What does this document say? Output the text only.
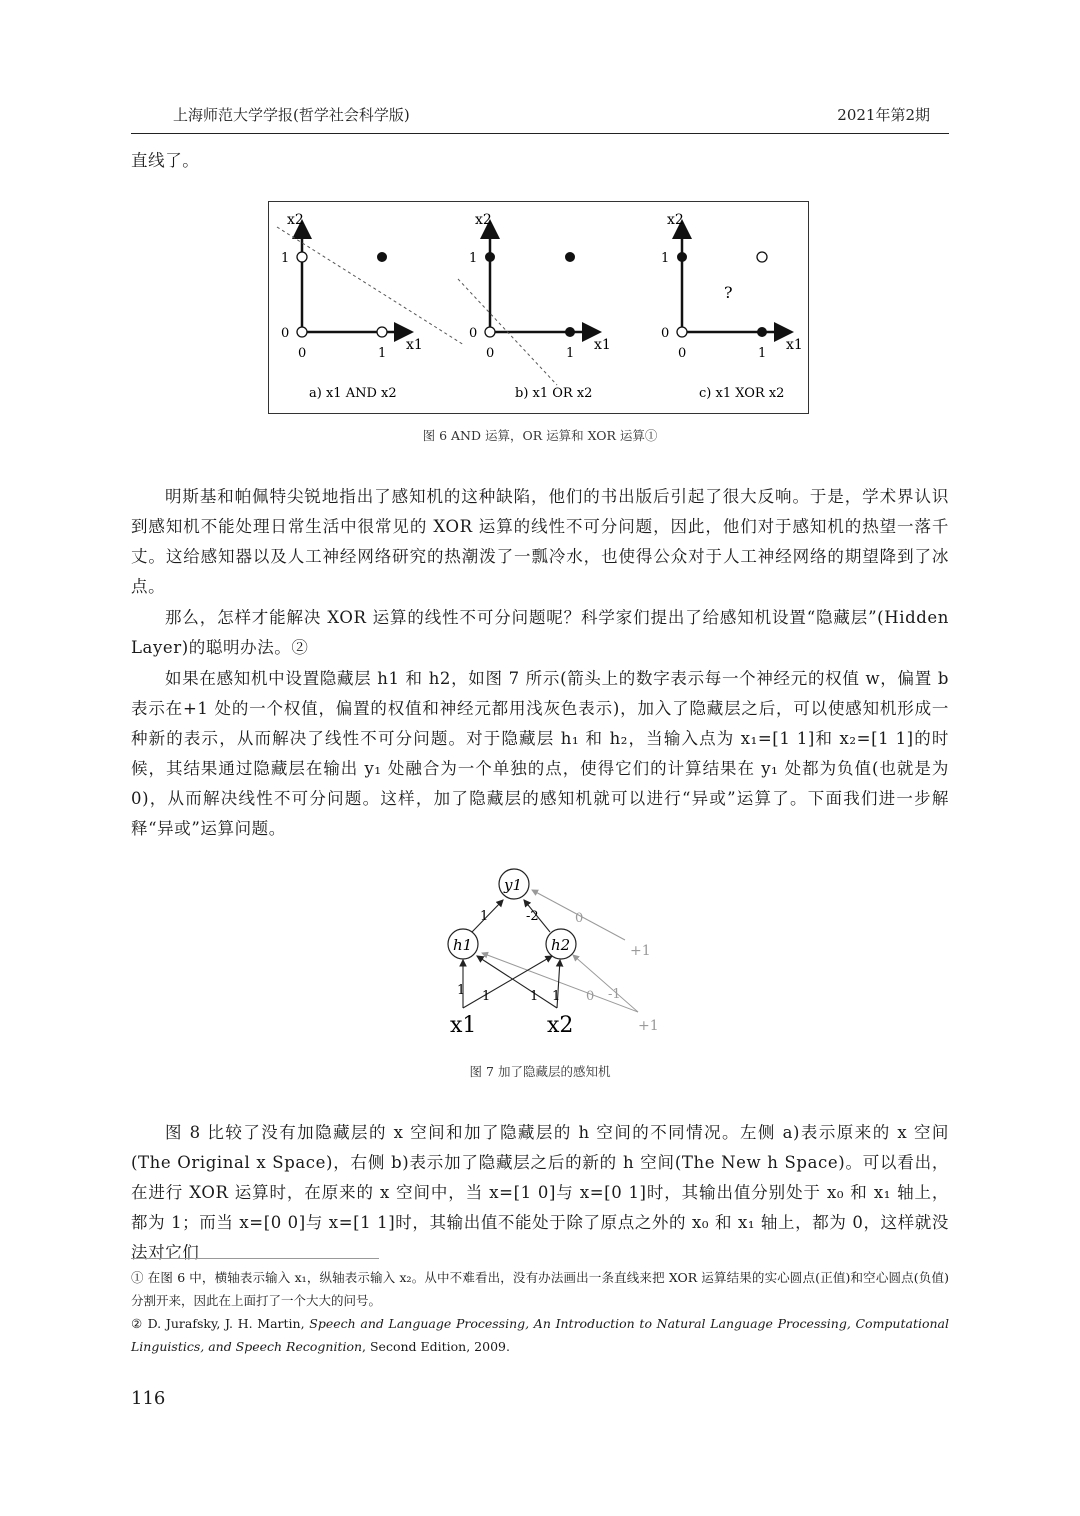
上海师范大学学报(哲学社会科学版)	2021年第2期

直线了。

x2
x1
1
0
0	1
a) x1 AND x2
x2
x1
1
0
0	1
b) x1 OR x2
?
x2
x1
1
0
0	1
c) x1 XOR x2
图 6 AND 运算，OR 运算和 XOR 运算①

明斯基和帕佩特尖锐地指出了感知机的这种缺陷，他们的书出版后引起了很大反响。于是，学术界认识到感知机不能处理日常生活中很常见的 XOR 运算的线性不可分问题，因此，他们对于感知机的热望一落千丈。这给感知器以及人工神经网络研究的热潮泼了一瓢冷水，也使得公众对于人工神经网络的期望降到了冰点。

那么，怎样才能解决 XOR 运算的线性不可分问题呢？科学家们提出了给感知机设置“隐藏层”(Hidden Layer)的聪明办法。②

如果在感知机中设置隐藏层 h1 和 h2，如图 7 所示(箭头上的数字表示每一个神经元的权值 w，偏置 b 表示在+1 处的一个权值，偏置的权值和神经元都用浅灰色表示)，加入了隐藏层之后，可以使感知机形成一种新的表示，从而解决了线性不可分问题。对于隐藏层 h₁ 和 h₂，当输入点为 x₁=[1 1]和 x₂=[1 1]的时候，其结果通过隐藏层在输出 y₁ 处融合为一个单独的点，使得它们的计算结果在 y₁ 处都为负值(也就是为 0)，从而解决线性不可分问题。这样，加了隐藏层的感知机就可以进行“异或”运算了。下面我们进一步解释“异或”运算问题。

y1
h1	h2
x1	x2
1	-2	0
+1
1 1	1 1 0 -1
+1
图 7 加了隐藏层的感知机

图 8 比较了没有加隐藏层的 x 空间和加了隐藏层的 h 空间的不同情况。左侧 a)表示原来的 x 空间(The Original x Space)，右侧 b)表示加了隐藏层之后的新的 h 空间(The New h Space)。可以看出，在进行 XOR 运算时，在原来的 x 空间中，当 x=[1 0]与 x=[0 1]时，其输出值分别处于 x₀ 和 x₁ 轴上，都为 1；而当 x=[0 0]与 x=[1 1]时，其输出值不能处于除了原点之外的 x₀ 和 x₁ 轴上，都为 0，这样就没法对它们

① 在图 6 中，横轴表示输入 x₁，纵轴表示输入 x₂。从中不难看出，没有办法画出一条直线来把 XOR 运算结果的实心圆点(正值)和空心圆点(负值)分割开来，因此在上面打了一个大大的问号。

② D. Jurafsky, J. H. Martin, Speech and Language Processing, An Introduction to Natural Language Processing, Computational Linguistics, and Speech Recognition, Second Edition, 2009.

116
